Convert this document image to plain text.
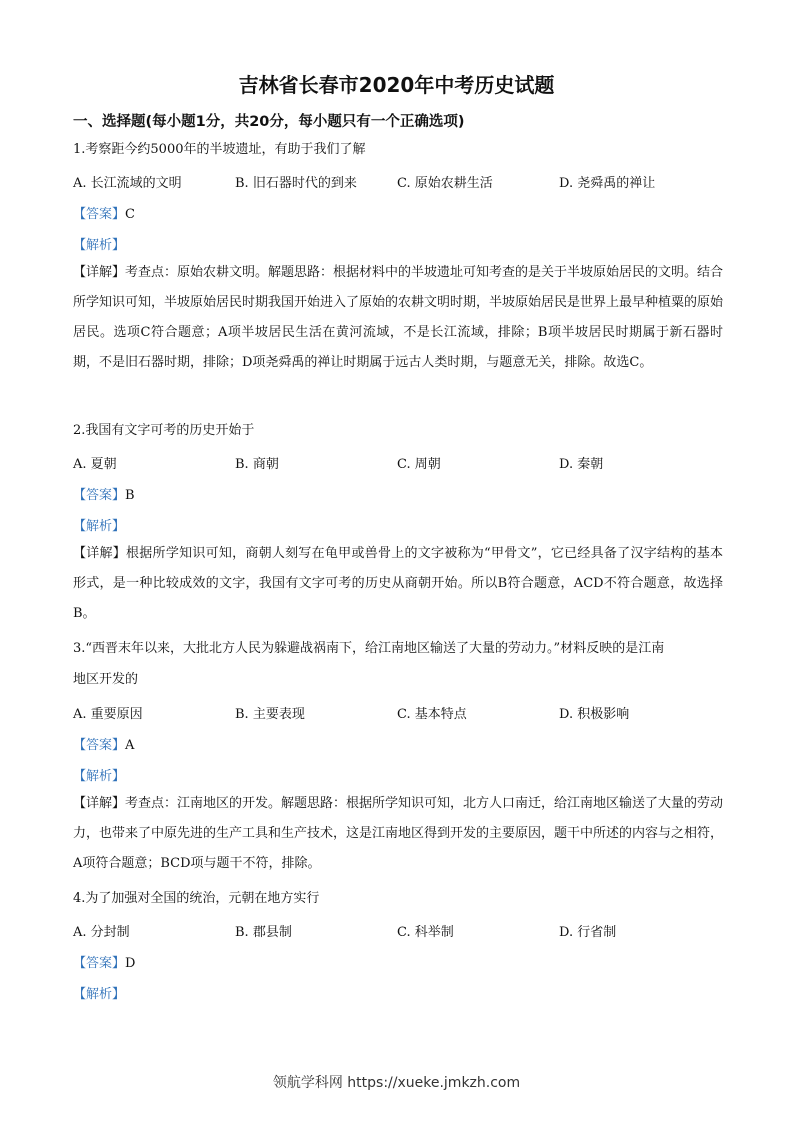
吉林省长春市2020年中考历史试题
一、选择题(每小题1分，共20分，每小题只有一个正确选项)
1.考察距今约5000年的半坡遗址，有助于我们了解
A. 长江流域的文明	B. 旧石器时代的到来	C. 原始农耕生活	D. 尧舜禹的禅让
【答案】C
【解析】
【详解】考查点：原始农耕文明。解题思路：根据材料中的半坡遗址可知考查的是关于半坡原始居民的文明。结合所学知识可知，半坡原始居民时期我国开始进入了原始的农耕文明时期，半坡原始居民是世界上最早种植粟的原始居民。选项C符合题意；A项半坡居民生活在黄河流域，不是长江流域，排除；B项半坡居民时期属于新石器时期，不是旧石器时期，排除；D项尧舜禹的禅让时期属于远古人类时期，与题意无关，排除。故选C。
2.我国有文字可考的历史开始于
A. 夏朝	B. 商朝	C. 周朝	D. 秦朝
【答案】B
【解析】
【详解】根据所学知识可知，商朝人刻写在龟甲或兽骨上的文字被称为“甲骨文”，它已经具备了汉字结构的基本形式，是一种比较成效的文字，我国有文字可考的历史从商朝开始。所以B符合题意，ACD不符合题意，故选择B。
3.“西晋末年以来，大批北方人民为躲避战祸南下，给江南地区输送了大量的劳动力。”材料反映的是江南
地区开发的
A. 重要原因	B. 主要表现	C. 基本特点	D. 积极影响
【答案】A
【解析】
【详解】考查点：江南地区的开发。解题思路：根据所学知识可知，北方人口南迁，给江南地区输送了大量的劳动力，也带来了中原先进的生产工具和生产技术，这是江南地区得到开发的主要原因，题干中所述的内容与之相符，A项符合题意；BCD项与题干不符，排除。
4.为了加强对全国的统治，元朝在地方实行
A. 分封制	B. 郡县制	C. 科举制	D. 行省制
【答案】D
【解析】
领航学科网 https://xueke.jmkzh.com
